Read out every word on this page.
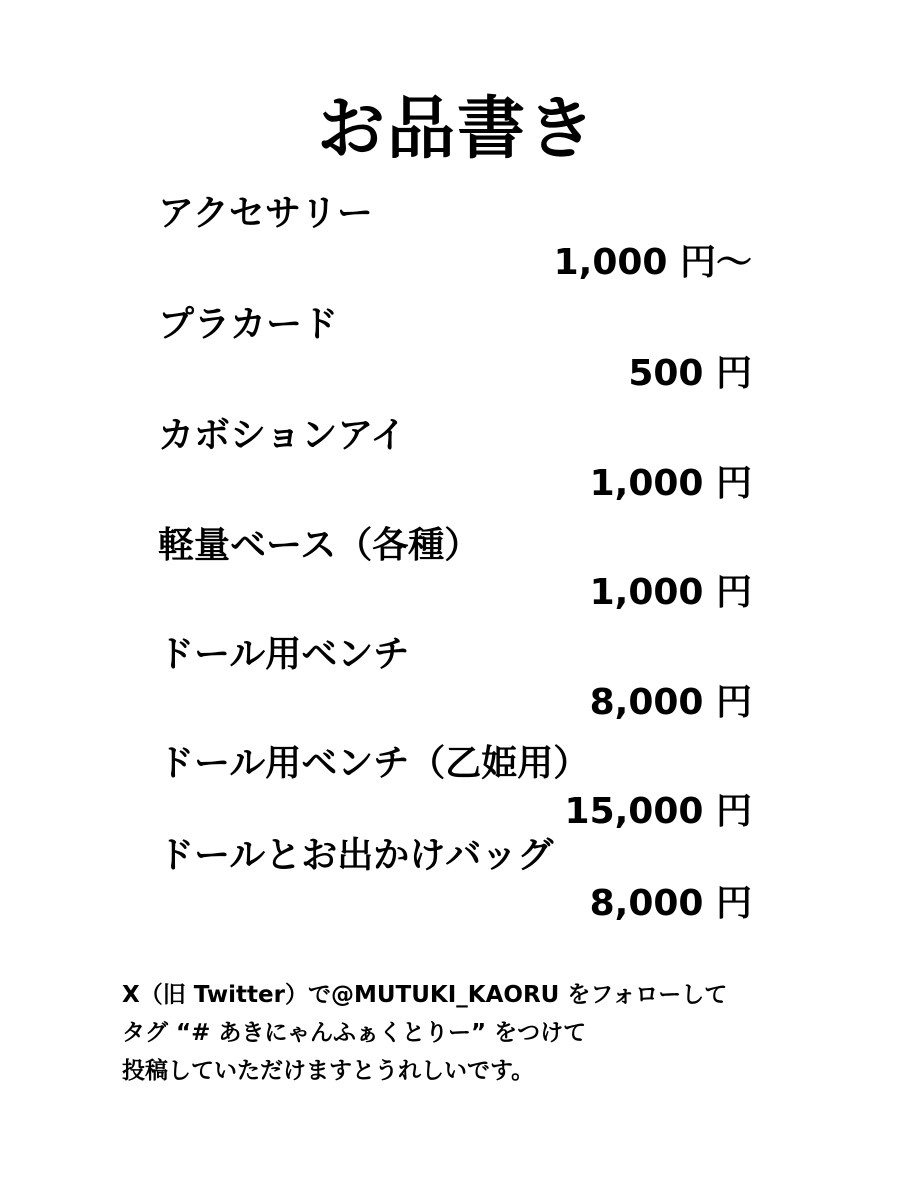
お品書き
アクセサリー
1,000 円～
プラカード
500 円
カボションアイ
1,000 円
軽量ベース（各種）
1,000 円
ドール用ベンチ
8,000 円
ドール用ベンチ（乙姫用）
15,000 円
ドールとお出かけバッグ
8,000 円
X（旧 Twitter）で@MUTUKI_KAORU をフォローして
タグ “# あきにゃんふぁくとりー” をつけて
投稿していただけますとうれしいです。
